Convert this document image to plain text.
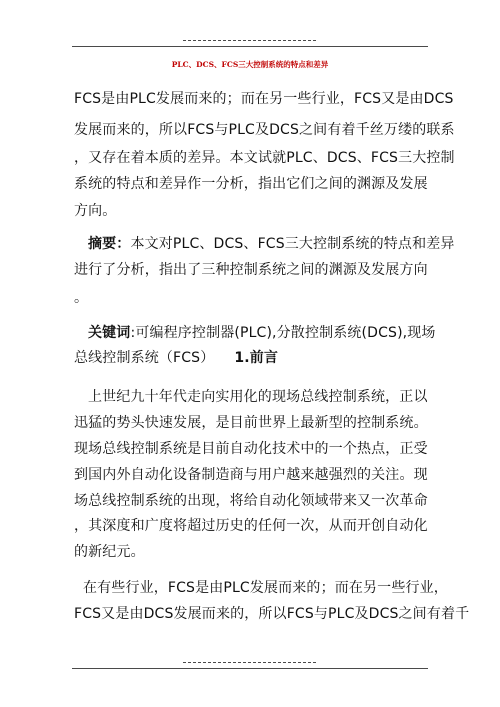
PLC、DCS、FCS三大控制系统的特点和差异
FCS是由PLC发展而来的；而在另一些行业，FCS又是由DCS
发展而来的，所以FCS与PLC及DCS之间有着千丝万缕的联系
，又存在着本质的差异。本文试就PLC、DCS、FCS三大控制
系统的特点和差异作一分析，指出它们之间的渊源及发展
方向。
摘要：本文对PLC、DCS、FCS三大控制系统的特点和差异
进行了分析，指出了三种控制系统之间的渊源及发展方向
。
关键词:可编程序控制器(PLC),分散控制系统(DCS),现场
总线控制系统（FCS） 1.前言
上世纪九十年代走向实用化的现场总线控制系统，正以
迅猛的势头快速发展，是目前世界上最新型的控制系统。
现场总线控制系统是目前自动化技术中的一个热点，正受
到国内外自动化设备制造商与用户越来越强烈的关注。现
场总线控制系统的出现，将给自动化领域带来又一次革命
，其深度和广度将超过历史的任何一次，从而开创自动化
的新纪元。
在有些行业，FCS是由PLC发展而来的；而在另一些行业，
FCS又是由DCS发展而来的，所以FCS与PLC及DCS之间有着千
